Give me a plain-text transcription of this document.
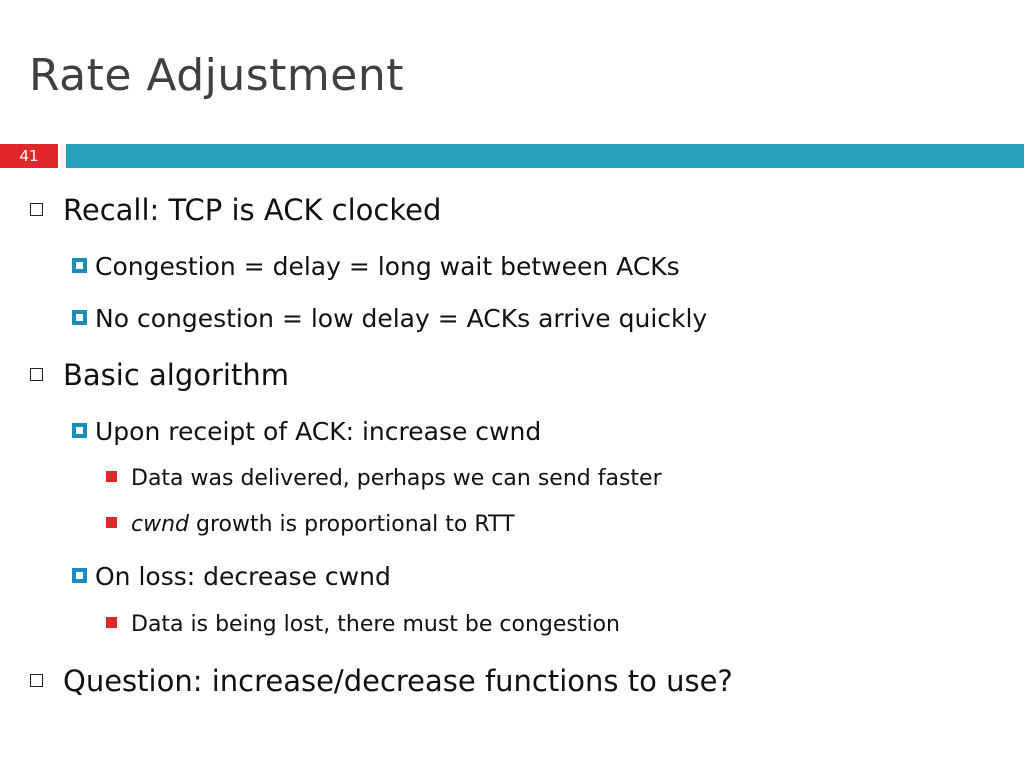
Rate Adjustment
41
Recall: TCP is ACK clocked
Congestion = delay = long wait between ACKs
No congestion = low delay = ACKs arrive quickly
Basic algorithm
Upon receipt of ACK: increase cwnd
Data was delivered, perhaps we can send faster
cwnd growth is proportional to RTT
On loss: decrease cwnd
Data is being lost, there must be congestion
Question: increase/decrease functions to use?
